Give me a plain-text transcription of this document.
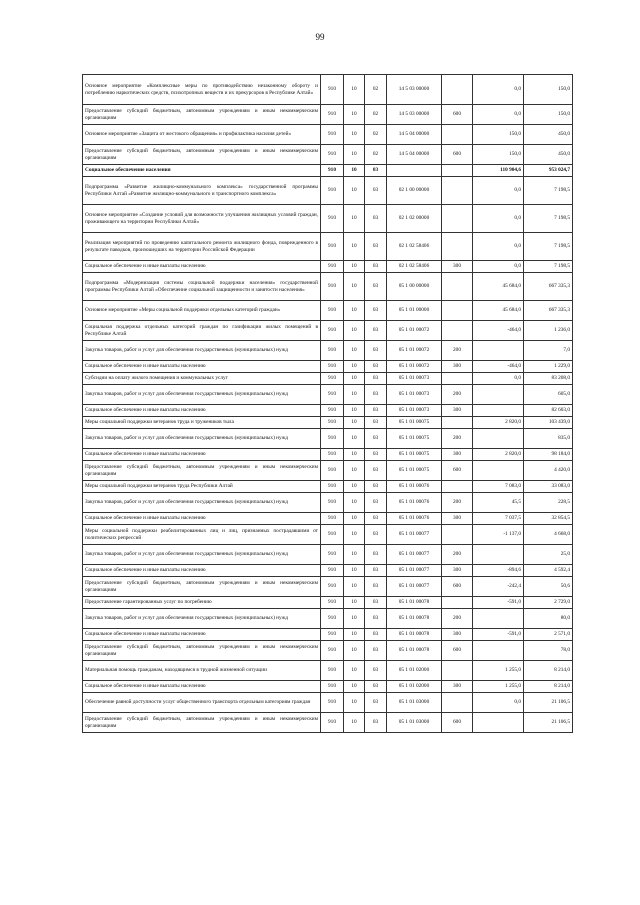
99
Основное мероприятие «Комплексные меры по противодействию незаконному обороту и потреблению наркотических средств, психотропных веществ и их прекурсоров в Республике Алтай»	910	10	02	14 5 03 00000		0,0	150,0
Предоставление субсидий бюджетным, автономным учреждениям и иным некоммерческим организациям	910	10	02	14 5 03 00000	600	0,0	150,0
Основное мероприятие «Защита от жестокого обращения» и профилактика насилия детей»	910	10	02	14 5 04 00000		150,0	450,0
Предоставление субсидий бюджетным, автономным учреждениям и иным некоммерческим организациям	910	10	02	14 5 04 00000	600	150,0	450,0
Социальное обеспечение населения	910	10	03			110 904,6	953 024,7
Подпрограмма «Развитие жилищно-коммунального комплекса» государственной программы Республики Алтай «Развитие жилищно-коммунального и транспортного комплекса»	910	10	03	02 1 00 00000		0,0	7 198,5
Основное мероприятие «Создание условий для возможности улучшения жилищных условий граждан, проживающего на территории Республики Алтай»	910	10	03	02 1 02 00000		0,0	7 198,5
Реализация мероприятий по проведению капитального ремонта жилищного фонда, поврежденного в результате паводков, произошедших на территории Российской Федерации	910	10	03	02 1 02 58406		0,0	7 198,5
Социальное обеспечение и иные выплаты населению	910	10	03	02 1 02 58406	300	0,0	7 198,5
Подпрограмма «Модернизация системы социальной поддержки населения» государственной программы Республики Алтай «Обеспечение социальной защищенности и занятости населения»	910	10	03	05 1 00 00000		45 684,0	667 335,3
Основное мероприятие «Меры социальной поддержки отдельных категорий граждан»	910	10	03	05 1 01 00000		45 684,0	667 335,3
Социальная поддержка отдельных категорий граждан по газификации жилых помещений в Республике Алтай	910	10	03	05 1 01 00072		-464,0	1 236,0
Закупка товаров, работ и услуг для обеспечения государственных (муниципальных) нужд	910	10	03	05 1 01 00072	200		7,0
Социальное обеспечение и иные выплаты населению	910	10	03	05 1 01 00072	300	-464,0	1 229,0
Субсидии на оплату жилого помещения и коммунальных услуг	910	10	03	05 1 01 00073		0,0	83 208,0
Закупка товаров, работ и услуг для обеспечения государственных (муниципальных) нужд	910	10	03	05 1 01 00073	200		605,0
Социальное обеспечение и иные выплаты населению	910	10	03	05 1 01 00073	300		82 603,0
Меры социальной поддержки ветеранов труда и тружеников тыла	910	10	03	05 1 01 00075		2 820,0	103 439,0
Закупка товаров, работ и услуг для обеспечения государственных (муниципальных) нужд	910	10	03	05 1 01 00075	200		835,0
Социальное обеспечение и иные выплаты населению	910	10	03	05 1 01 00075	300	2 820,0	98 184,0
Предоставление субсидий бюджетным, автономным учреждениям и иным некоммерческим организациям	910	10	03	05 1 01 00075	600		4 420,0
Меры социальной поддержки ветеранов труда Республики Алтай	910	10	03	05 1 01 00076		7 083,0	33 083,0
Закупка товаров, работ и услуг для обеспечения государственных (муниципальных) нужд	910	10	03	05 1 01 00076	200	45,5	228,5
Социальное обеспечение и иные выплаты населению	910	10	03	05 1 01 00076	300	7 037,5	32 854,5
Меры социальной поддержки реабилитированных лиц и лиц, признанных пострадавшими от политических репрессий	910	10	03	05 1 01 00077		-1 137,0	4 668,0
Закупка товаров, работ и услуг для обеспечения государственных (муниципальных) нужд	910	10	03	05 1 01 00077	200		25,0
Социальное обеспечение и иные выплаты населению	910	10	03	05 1 01 00077	300	-894,6	4 592,4
Предоставление субсидий бюджетным, автономным учреждениям и иным некоммерческим организациям	910	10	03	05 1 01 00077	600	-242,4	50,6
Предоставление гарантированных услуг по погребению	910	10	03	05 1 01 00078		-591,0	2 729,0
Закупка товаров, работ и услуг для обеспечения государственных (муниципальных) нужд	910	10	03	05 1 01 00078	200		80,0
Социальное обеспечение и иные выплаты населению	910	10	03	05 1 01 00078	300	-591,0	2 571,0
Предоставление субсидий бюджетным, автономным учреждениям и иным некоммерческим организациям	910	10	03	05 1 01 00078	600		78,0
Материальная помощь гражданам, находящимся в трудной жизненной ситуации	910	10	03	05 1 01 02000		1 255,0	8 214,0
Социальное обеспечение и иные выплаты населению	910	10	03	05 1 01 02000	300	1 255,0	8 214,0
Обеспечение равной доступности услуг общественного транспорта отдельным категориям граждан	910	10	03	05 1 01 03000		0,0	21 106,5
Предоставление субсидий бюджетным, автономным учреждениям и иным некоммерческим организациям	910	10	03	05 1 01 03000	600		21 106,5
